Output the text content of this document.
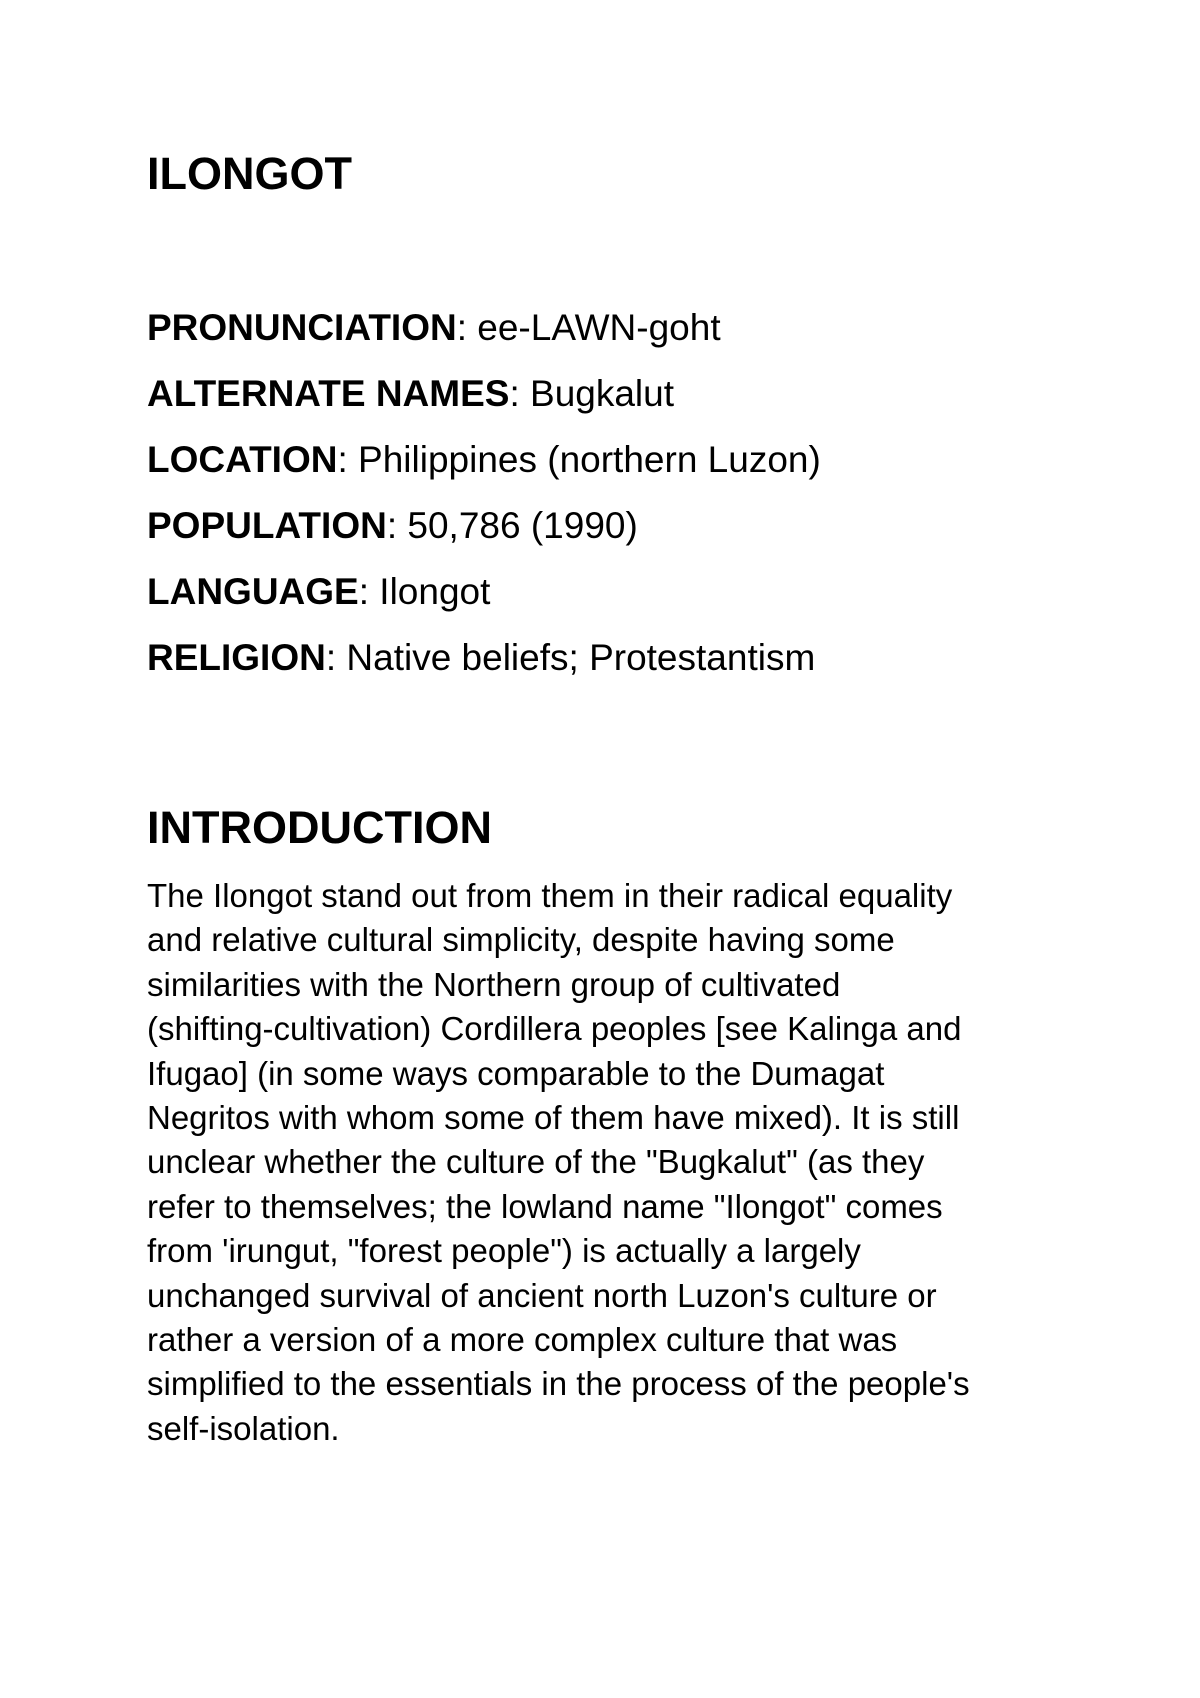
ILONGOT
PRONUNCIATION: ee-LAWN-goht
ALTERNATE NAMES: Bugkalut
LOCATION: Philippines (northern Luzon)
POPULATION: 50,786 (1990)
LANGUAGE: Ilongot
RELIGION: Native beliefs; Protestantism
INTRODUCTION
The Ilongot stand out from them in their radical equality
and relative cultural simplicity, despite having some
similarities with the Northern group of cultivated
(shifting-cultivation) Cordillera peoples [see Kalinga and
Ifugao] (in some ways comparable to the Dumagat
Negritos with whom some of them have mixed). It is still
unclear whether the culture of the "Bugkalut" (as they
refer to themselves; the lowland name "Ilongot" comes
from 'irungut, "forest people") is actually a largely
unchanged survival of ancient north Luzon's culture or
rather a version of a more complex culture that was
simplified to the essentials in the process of the people's
self-isolation.
